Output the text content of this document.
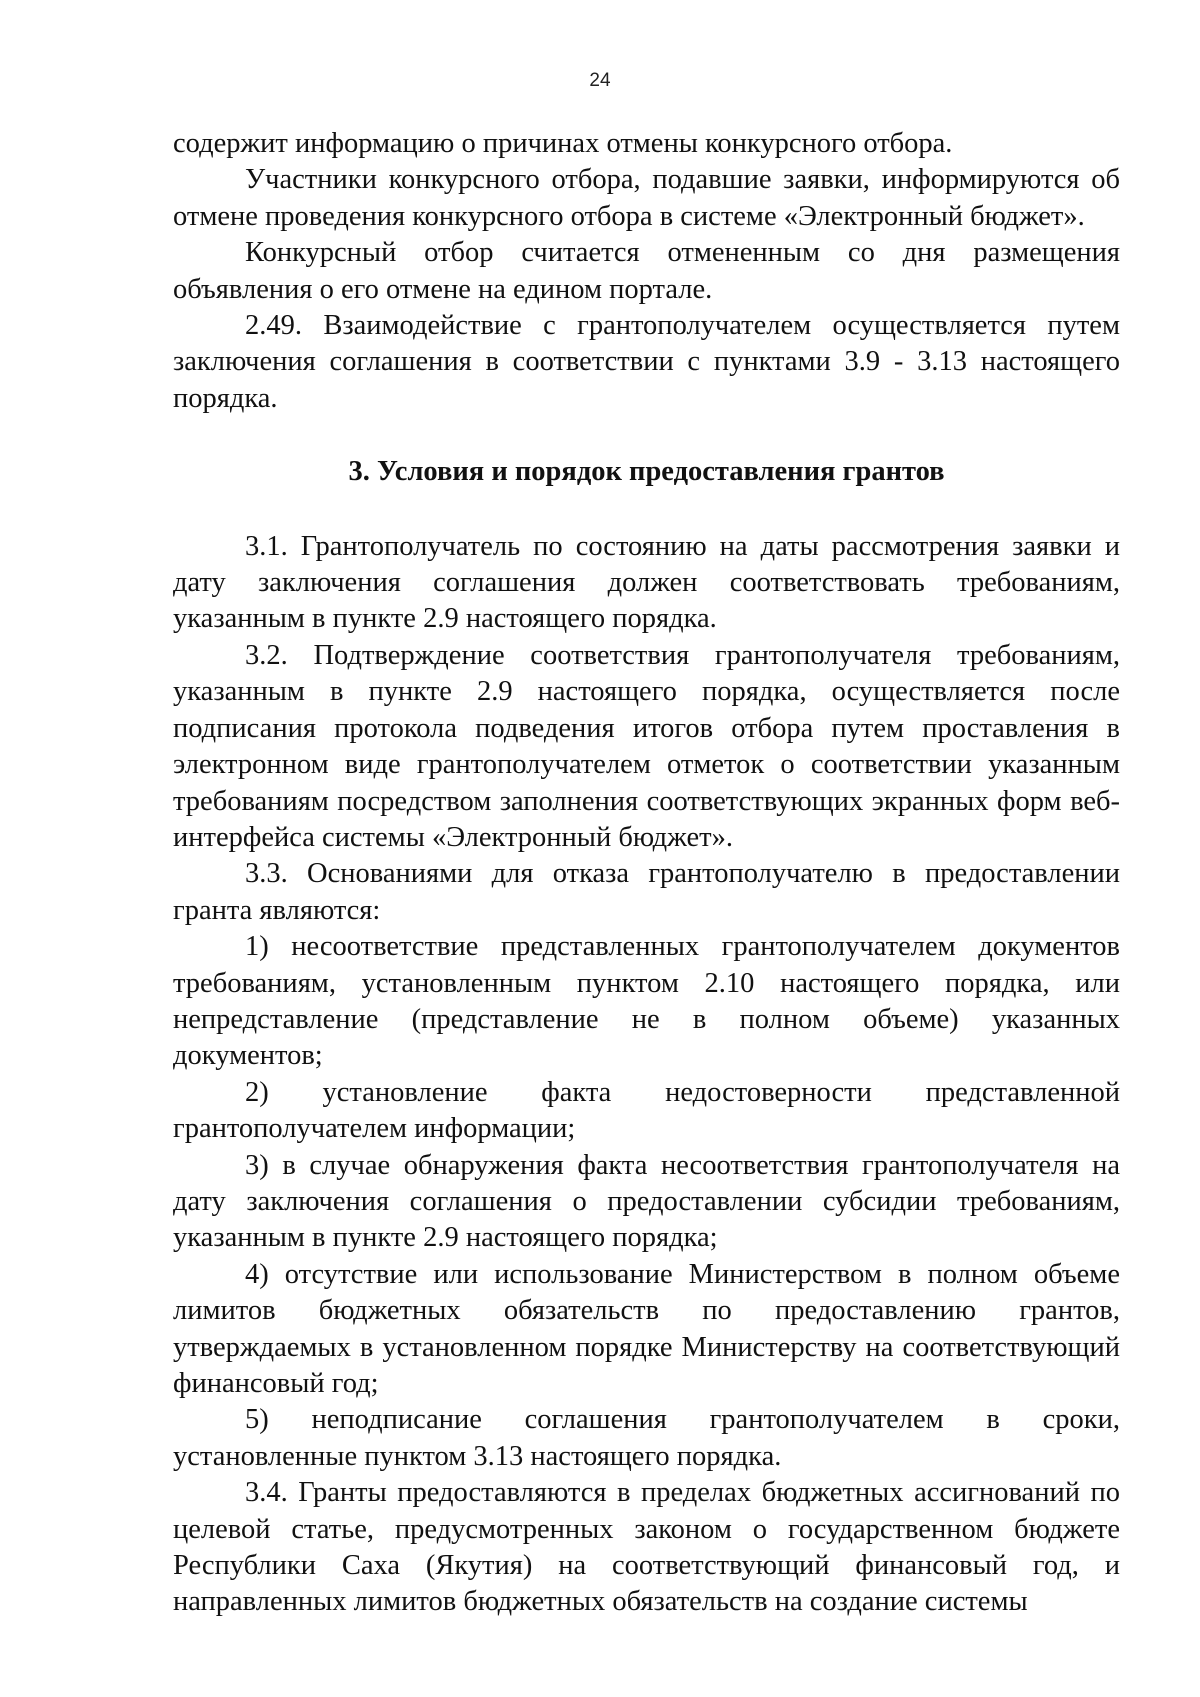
24

содержит информацию о причинах отмены конкурсного отбора.

Участники конкурсного отбора, подавшие заявки, информируются об отмене проведения конкурсного отбора в системе «Электронный бюджет».

Конкурсный отбор считается отмененным со дня размещения объявления о его отмене на едином портале.

2.49. Взаимодействие с грантополучателем осуществляется путем заключения соглашения в соответствии с пунктами 3.9 - 3.13 настоящего порядка.

3. Условия и порядок предоставления грантов

3.1. Грантополучатель по состоянию на даты рассмотрения заявки и дату заключения соглашения должен соответствовать требованиям, указанным в пункте 2.9 настоящего порядка.

3.2. Подтверждение соответствия грантополучателя требованиям, указанным в пункте 2.9 настоящего порядка, осуществляется после подписания протокола подведения итогов отбора путем проставления в электронном виде грантополучателем отметок о соответствии указанным требованиям посредством заполнения соответствующих экранных форм веб-интерфейса системы «Электронный бюджет».

3.3. Основаниями для отказа грантополучателю в предоставлении гранта являются:

1) несоответствие представленных грантополучателем документов требованиям, установленным пунктом 2.10 настоящего порядка, или непредставление (представление не в полном объеме) указанных документов;

2) установление факта недостоверности представленной грантополучателем информации;

3) в случае обнаружения факта несоответствия грантополучателя на дату заключения соглашения о предоставлении субсидии требованиям, указанным в пункте 2.9 настоящего порядка;

4) отсутствие или использование Министерством в полном объеме лимитов бюджетных обязательств по предоставлению грантов, утверждаемых в установленном порядке Министерству на соответствующий финансовый год;

5) неподписание соглашения грантополучателем в сроки, установленные пунктом 3.13 настоящего порядка.

3.4. Гранты предоставляются в пределах бюджетных ассигнований по целевой статье, предусмотренных законом о государственном бюджете Республики Саха (Якутия) на соответствующий финансовый год, и направленных лимитов бюджетных обязательств на создание системы
